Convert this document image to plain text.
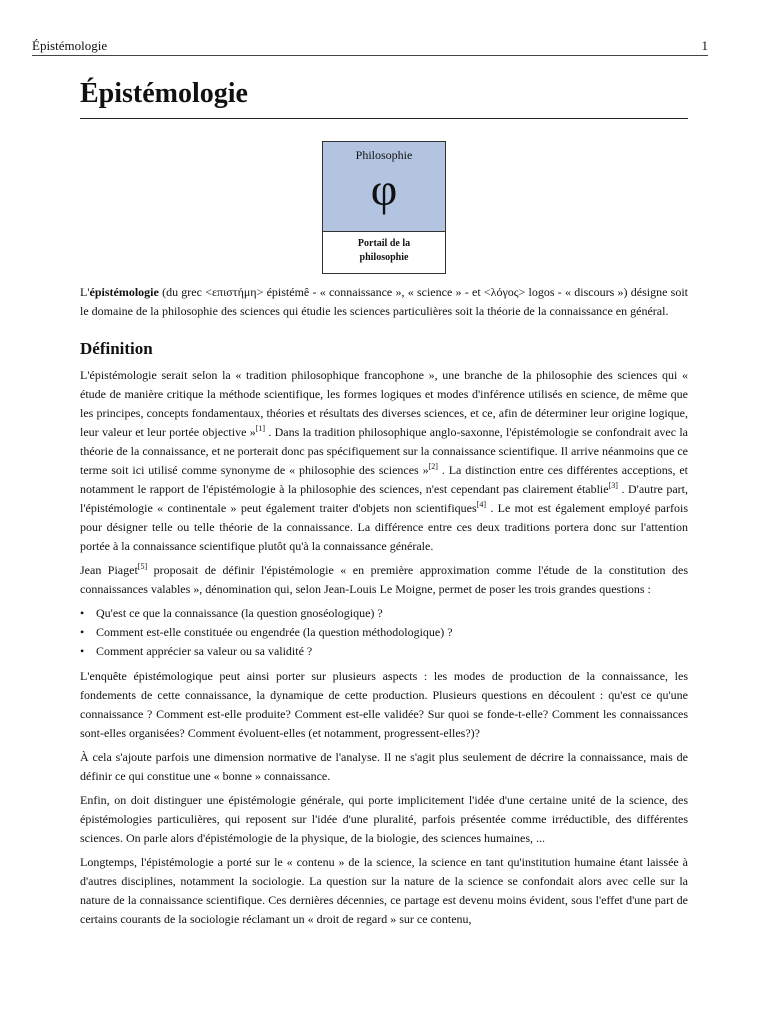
Épistémologie	1
Épistémologie
Philosophie
φ
Portail de la
philosophie

L'épistémologie (du grec <επιστήμη> épistémê - « connaissance », « science » - et <λόγος> logos - « discours ») désigne soit le domaine de la philosophie des sciences qui étudie les sciences particulières soit la théorie de la connaissance en général.

Définition

L'épistémologie serait selon la « tradition philosophique francophone », une branche de la philosophie des sciences qui « étude de manière critique la méthode scientifique, les formes logiques et modes d'inférence utilisés en science, de même que les principes, concepts fondamentaux, théories et résultats des diverses sciences, et ce, afin de déterminer leur origine logique, leur valeur et leur portée objective »[1] . Dans la tradition philosophique anglo-saxonne, l'épistémologie se confondrait avec la théorie de la connaissance, et ne porterait donc pas spécifiquement sur la connaissance scientifique. Il arrive néanmoins que ce terme soit ici utilisé comme synonyme de « philosophie des sciences »[2] . La distinction entre ces différentes acceptions, et notamment le rapport de l'épistémologie à la philosophie des sciences, n'est cependant pas clairement établie[3] . D'autre part, l'épistémologie « continentale » peut également traiter d'objets non scientifiques[4] . Le mot est également employé parfois pour désigner telle ou telle théorie de la connaissance. La différence entre ces deux traditions portera donc sur l'attention portée à la connaissance scientifique plutôt qu'à la connaissance générale.

Jean Piaget[5] proposait de définir l'épistémologie « en première approximation comme l'étude de la constitution des connaissances valables », dénomination qui, selon Jean-Louis Le Moigne, permet de poser les trois grandes questions :

• Qu'est ce que la connaissance (la question gnoséologique) ?
• Comment est-elle constituée ou engendrée (la question méthodologique) ?
• Comment apprécier sa valeur ou sa validité ?

L'enquête épistémologique peut ainsi porter sur plusieurs aspects : les modes de production de la connaissance, les fondements de cette connaissance, la dynamique de cette production. Plusieurs questions en découlent : qu'est ce qu'une connaissance ? Comment est-elle produite? Comment est-elle validée? Sur quoi se fonde-t-elle? Comment les connaissances sont-elles organisées? Comment évoluent-elles (et notamment, progressent-elles?)?

À cela s'ajoute parfois une dimension normative de l'analyse. Il ne s'agit plus seulement de décrire la connaissance, mais de définir ce qui constitue une « bonne » connaissance.

Enfin, on doit distinguer une épistémologie générale, qui porte implicitement l'idée d'une certaine unité de la science, des épistémologies particulières, qui reposent sur l'idée d'une pluralité, parfois présentée comme irréductible, des différentes sciences. On parle alors d'épistémologie de la physique, de la biologie, des sciences humaines, ...

Longtemps, l'épistémologie a porté sur le « contenu » de la science, la science en tant qu'institution humaine étant laissée à d'autres disciplines, notamment la sociologie. La question sur la nature de la science se confondait alors avec celle sur la nature de la connaissance scientifique. Ces dernières décennies, ce partage est devenu moins évident, sous l'effet d'une part de certains courants de la sociologie réclamant un « droit de regard » sur ce contenu,
